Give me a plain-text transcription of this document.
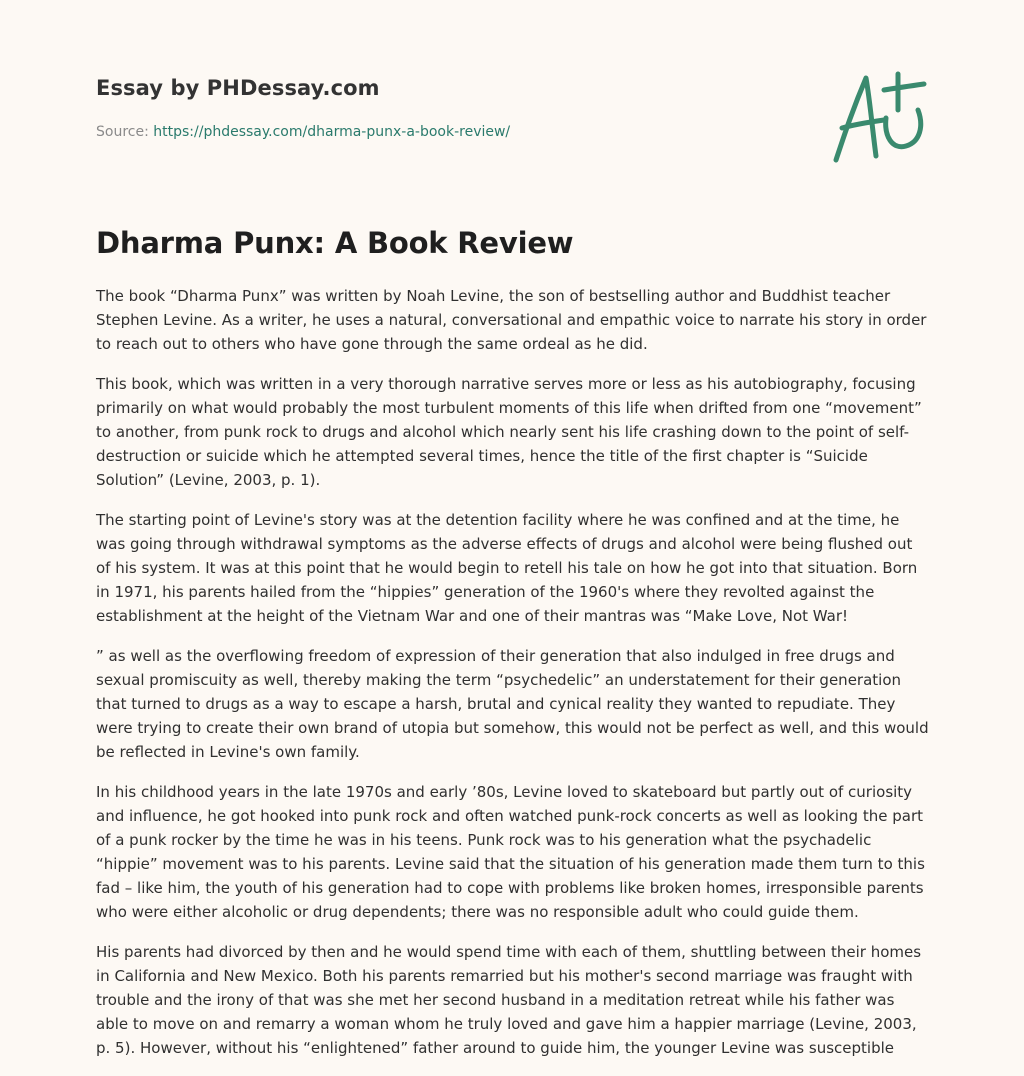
Essay by PHDessay.com
Source: https://phdessay.com/dharma-punx-a-book-review/
Dharma Punx: A Book Review

The book “Dharma Punx” was written by Noah Levine, the son of bestselling author and Buddhist teacher Stephen Levine. As a writer, he uses a natural, conversational and empathic voice to narrate his story in order to reach out to others who have gone through the same ordeal as he did.

This book, which was written in a very thorough narrative serves more or less as his autobiography, focusing primarily on what would probably the most turbulent moments of this life when drifted from one “movement” to another, from punk rock to drugs and alcohol which nearly sent his life crashing down to the point of self-destruction or suicide which he attempted several times, hence the title of the first chapter is “Suicide Solution” (Levine, 2003, p. 1).

The starting point of Levine's story was at the detention facility where he was confined and at the time, he was going through withdrawal symptoms as the adverse effects of drugs and alcohol were being flushed out of his system. It was at this point that he would begin to retell his tale on how he got into that situation. Born in 1971, his parents hailed from the “hippies” generation of the 1960's where they revolted against the establishment at the height of the Vietnam War and one of their mantras was “Make Love, Not War!

” as well as the overflowing freedom of expression of their generation that also indulged in free drugs and sexual promiscuity as well, thereby making the term “psychedelic” an understatement for their generation that turned to drugs as a way to escape a harsh, brutal and cynical reality they wanted to repudiate. They were trying to create their own brand of utopia but somehow, this would not be perfect as well, and this would be reflected in Levine's own family.

In his childhood years in the late 1970s and early ’80s, Levine loved to skateboard but partly out of curiosity and influence, he got hooked into punk rock and often watched punk-rock concerts as well as looking the part of a punk rocker by the time he was in his teens. Punk rock was to his generation what the psychadelic “hippie” movement was to his parents. Levine said that the situation of his generation made them turn to this fad – like him, the youth of his generation had to cope with problems like broken homes, irresponsible parents who were either alcoholic or drug dependents; there was no responsible adult who could guide them.

His parents had divorced by then and he would spend time with each of them, shuttling between their homes in California and New Mexico. Both his parents remarried but his mother's second marriage was fraught with trouble and the irony of that was she met her second husband in a meditation retreat while his father was able to move on and remarry a woman whom he truly loved and gave him a happier marriage (Levine, 2003, p. 5). However, without his “enlightened” father around to guide him, the younger Levine was susceptible
